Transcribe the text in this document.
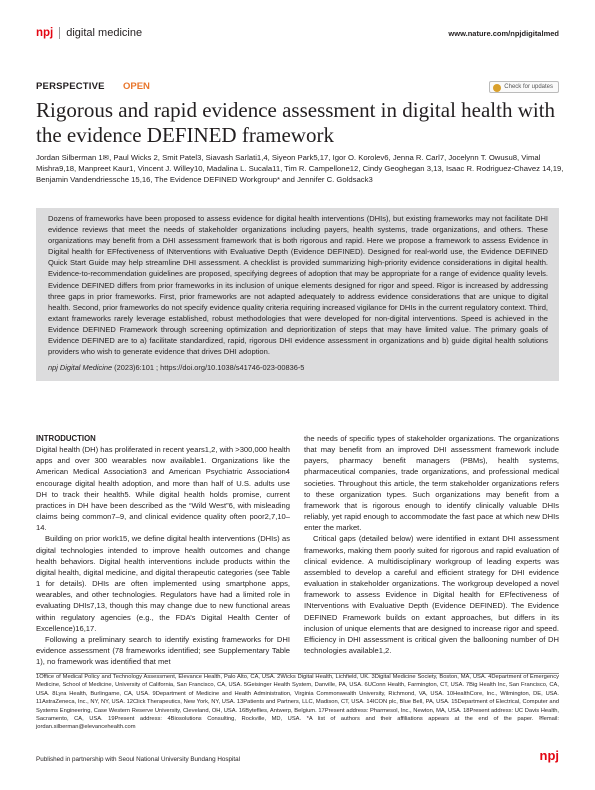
npj digital medicine	www.nature.com/npjdigitalmed
PERSPECTIVE OPEN	Check for updates
Rigorous and rapid evidence assessment in digital health with the evidence DEFINED framework
Jordan Silberman 1✉, Paul Wicks 2, Smit Patel3, Siavash Sarlati1,4, Siyeon Park5,17, Igor O. Korolev6, Jenna R. Carl7, Jocelynn T. Owusu8, Vimal Mishra9,18, Manpreet Kaur1, Vincent J. Willey10, Madalina L. Sucala11, Tim R. Campellone12, Cindy Geoghegan 3,13, Isaac R. Rodriguez-Chavez 14,19, Benjamin Vandendriessche 15,16, The Evidence DEFINED Workgroup* and Jennifer C. Goldsack3
Dozens of frameworks have been proposed to assess evidence for digital health interventions (DHIs), but existing frameworks may not facilitate DHI evidence reviews that meet the needs of stakeholder organizations including payers, health systems, trade organizations, and others. These organizations may benefit from a DHI assessment framework that is both rigorous and rapid. Here we propose a framework to assess Evidence in Digital health for EFfectiveness of INterventions with Evaluative Depth (Evidence DEFINED). Designed for real-world use, the Evidence DEFINED Quick Start Guide may help streamline DHI assessment. A checklist is provided summarizing high-priority evidence considerations in digital health. Evidence-to-recommendation guidelines are proposed, specifying degrees of adoption that may be appropriate for a range of evidence quality levels. Evidence DEFINED differs from prior frameworks in its inclusion of unique elements designed for rigor and speed. Rigor is increased by addressing three gaps in prior frameworks. First, prior frameworks are not adapted adequately to address evidence considerations that are unique to digital health. Second, prior frameworks do not specify evidence quality criteria requiring increased vigilance for DHIs in the current regulatory context. Third, extant frameworks rarely leverage established, robust methodologies that were developed for non-digital interventions. Speed is achieved in the Evidence DEFINED Framework through screening optimization and deprioritization of steps that may have limited value. The primary goals of Evidence DEFINED are to a) facilitate standardized, rapid, rigorous DHI evidence assessment in organizations and b) guide digital health solutions providers who wish to generate evidence that drives DHI adoption.
npj Digital Medicine (2023)6:101 ; https://doi.org/10.1038/s41746-023-00836-5
INTRODUCTION

Digital health (DH) has proliferated in recent years1,2, with >300,000 health apps and over 300 wearables now available1. Organizations like the American Medical Association3 and American Psychiatric Association4 encourage digital health adoption, and more than half of U.S. adults use DH to track their health5. While digital health holds promise, current practices in DH have been described as the “Wild West”6, with misleading claims being common7–9, and clinical evidence quality often poor2,7,10–14.

Building on prior work15, we define digital health interventions (DHIs) as digital technologies intended to improve health outcomes and change health behaviors. Digital health interventions include products within the digital health, digital medicine, and digital therapeutic categories (see Table 1 for details). DHIs are often implemented using smartphone apps, wearables, and other technologies. Regulators have had a limited role in evaluating DHIs7,13, though this may change due to new functional areas within regulatory agencies (e.g., the FDA’s Digital Health Center of Excellence)16,17.

Following a preliminary search to identify existing frameworks for DHI evidence assessment (78 frameworks identified; see Supplementary Table 1), no framework was identified that met

the needs of specific types of stakeholder organizations. The organizations that may benefit from an improved DHI assessment framework include payers, pharmacy benefit managers (PBMs), health systems, pharmaceutical companies, trade organizations, and professional medical societies. Throughout this article, the term stakeholder organizations refers to these organization types. Such organizations may benefit from a framework that is rigorous enough to identify clinically valuable DHIs reliably, yet rapid enough to accommodate the fast pace at which new DHIs enter the market.

Critical gaps (detailed below) were identified in extant DHI assessment frameworks, making them poorly suited for rigorous and rapid evaluation of clinical evidence. A multidisciplinary workgroup of leading experts was assembled to develop a careful and efficient strategy for DHI evidence evaluation in stakeholder organizations. The workgroup developed a novel framework to assess Evidence in Digital health for EFfectiveness of INterventions with Evaluative Depth (Evidence DEFINED). The Evidence DEFINED Framework builds on extant approaches, but differs in its inclusion of unique elements that are designed to increase rigor and speed. Efficiency in DHI assessment is critical given the ballooning number of DH technologies available1,2.

1Office of Medical Policy and Technology Assessment, Elevance Health, Palo Alto, CA, USA. 2Wicks Digital Health, Lichfield, UK. 3Digital Medicine Society, Boston, MA, USA. 4Department of Emergency Medicine, School of Medicine, University of California, San Francisco, CA, USA. 5Geisinger Health System, Danville, PA, USA. 6UConn Health, Farmington, CT, USA. 7Big Health Inc, San Francisco, CA, USA. 8Lyra Health, Burlingame, CA, USA. 9Department of Medicine and Health Administration, Virginia Commonwealth University, Richmond, VA, USA. 10HealthCore, Inc., Wilmington, DE, USA. 11AstraZeneca, Inc., NY, NY, USA. 12Click Therapeutics, New York, NY, USA. 13Patients and Partners, LLC, Madison, CT, USA. 14ICON plc, Blue Bell, PA, USA. 15Department of Electrical, Computer and Systems Engineering, Case Western Reserve University, Cleveland, OH, USA. 16Byteflies, Antwerp, Belgium. 17Present address: Pharmesol, Inc., Newton, MA, USA. 18Present address: UC Davis Health, Sacramento, CA, USA. 19Present address: 4Biosolutions Consulting, Rockville, MD, USA. *A list of authors and their affiliations appears at the end of the paper. ✉email: jordan.silberman@elevancehealth.com
Published in partnership with Seoul National University Bundang Hospital	npj
